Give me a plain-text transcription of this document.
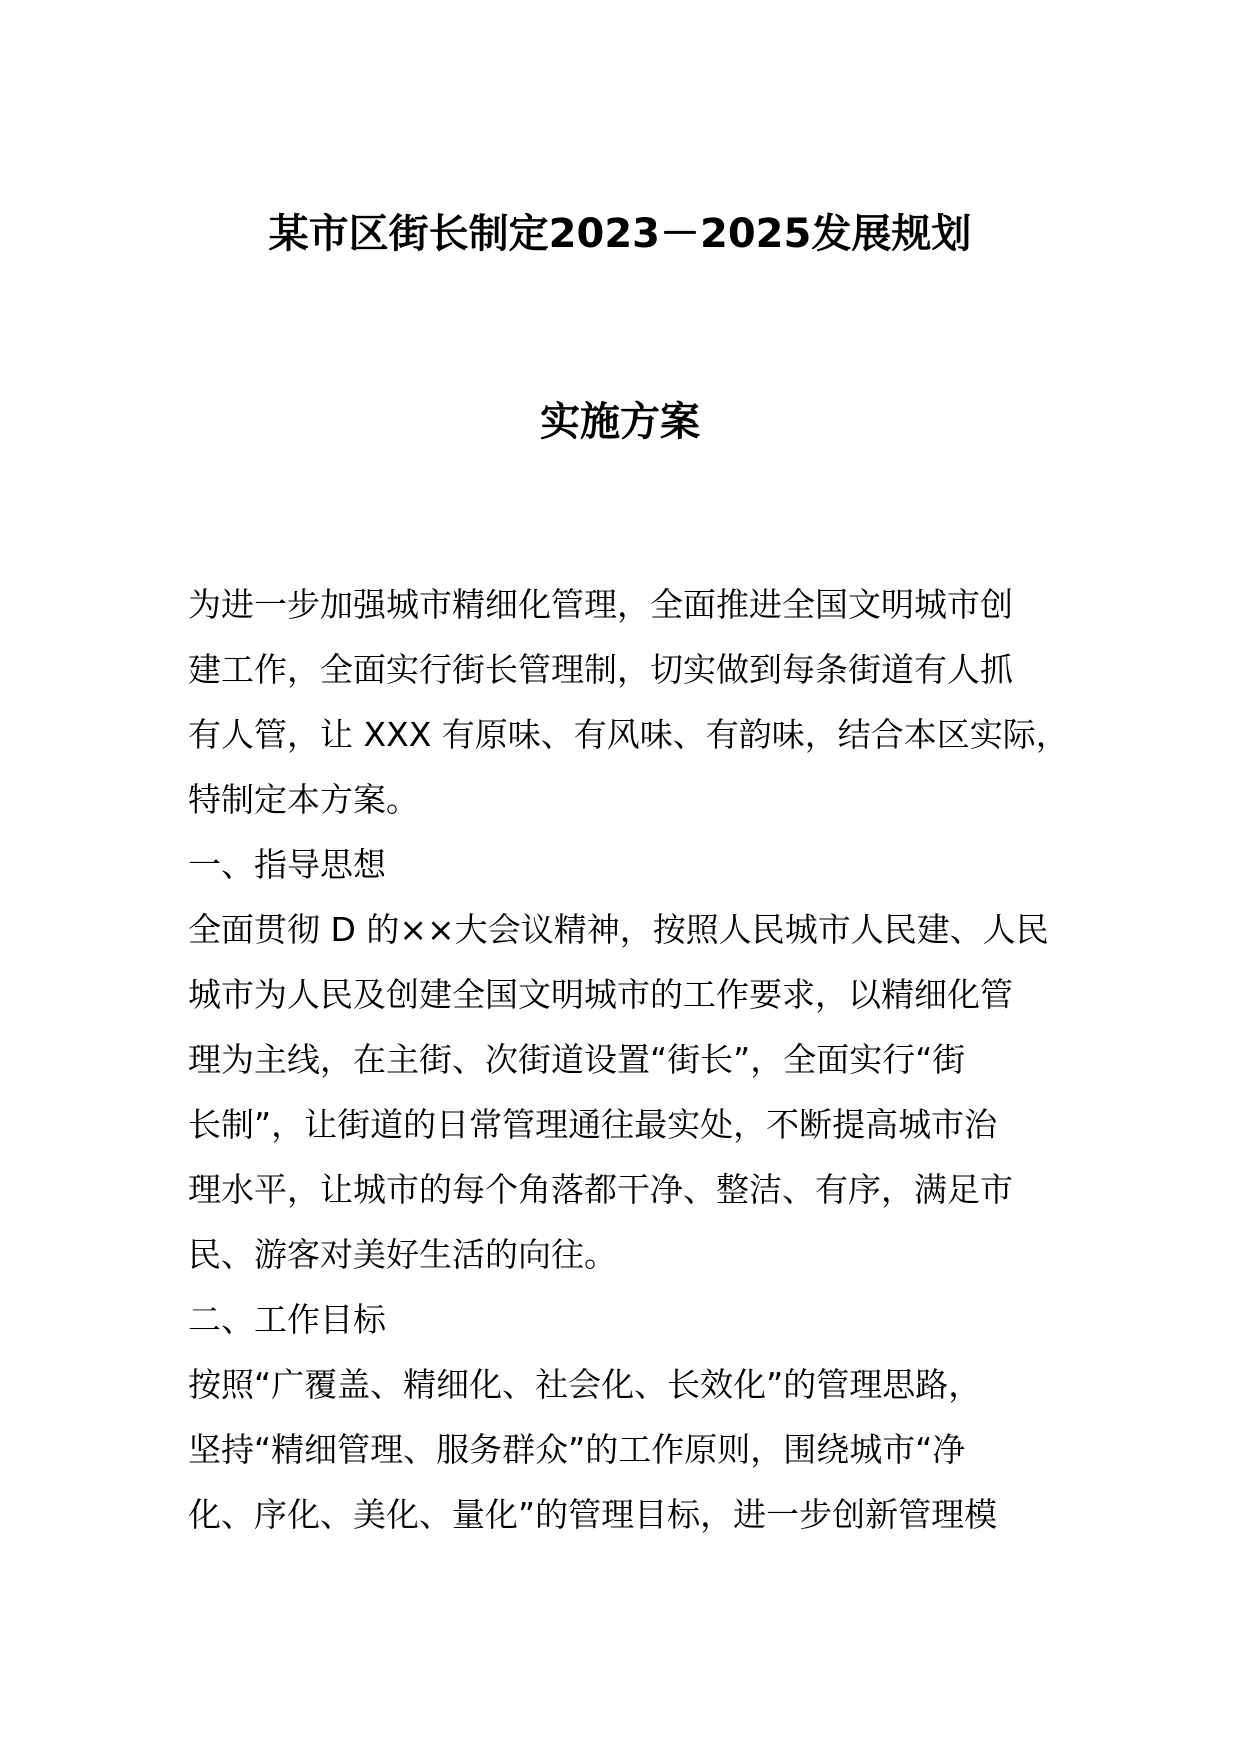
某市区街长制定2023－2025发展规划
实施方案
为进一步加强城市精细化管理，全面推进全国文明城市创
建工作，全面实行街长管理制，切实做到每条街道有人抓
有人管，让 XXX 有原味、有风味、有韵味，结合本区实际，
特制定本方案。
一、指导思想
全面贯彻 D 的××大会议精神，按照人民城市人民建、人民
城市为人民及创建全国文明城市的工作要求，以精细化管
理为主线，在主街、次街道设置“街长”，全面实行“街
长制”，让街道的日常管理通往最实处，不断提高城市治
理水平，让城市的每个角落都干净、整洁、有序，满足市
民、游客对美好生活的向往。
二、工作目标
按照“广覆盖、精细化、社会化、长效化”的管理思路，
坚持“精细管理、服务群众”的工作原则，围绕城市“净
化、序化、美化、量化”的管理目标，进一步创新管理模
